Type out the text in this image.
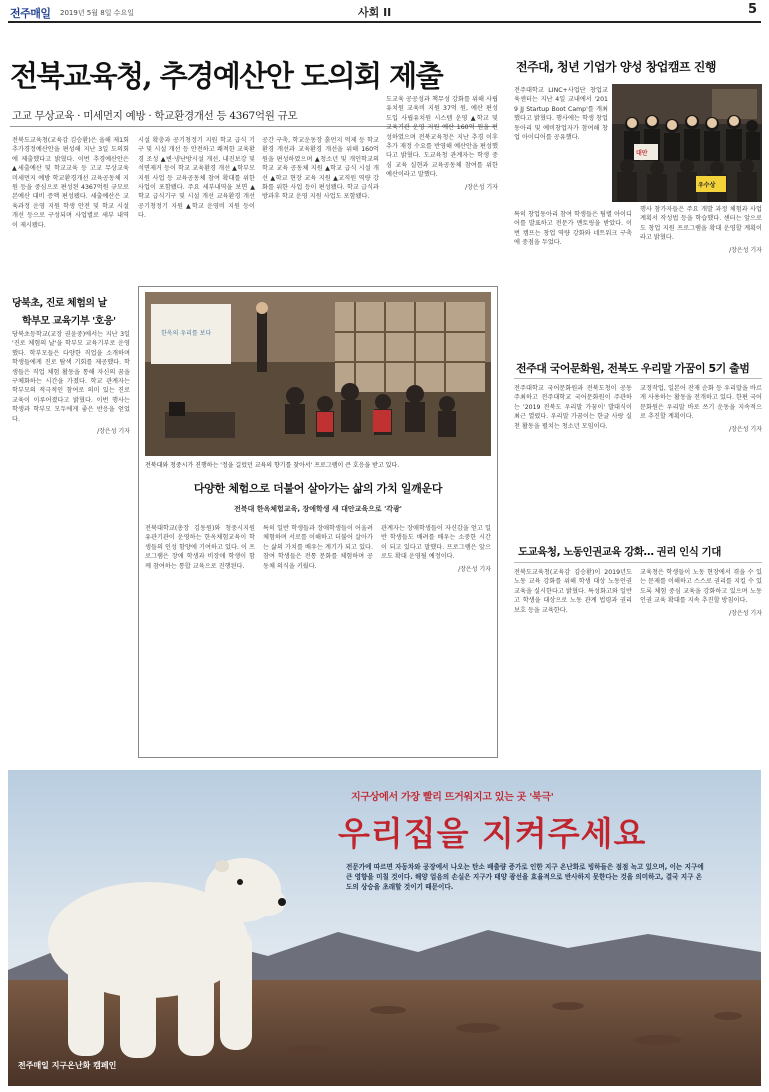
전주매일 2019년 5월 8일 수요일	사회 II	5
전북교육청, 추경예산안 도의회 제출
고교 무상교육 · 미세먼지 예방 · 학교환경개선 등 4367억원 규모
전북도교육청(교육감 김승환)은 올해 제1회 추가경정예산안을 편성해 지난 3일 도의회에 제출했다고 밝혔다. 이번 추경예산안은 ▲세출예산 및 학교교육 등 고교 무상교육 미세먼지 예방 학교환경개선 교육공동체 지원 등을 중심으로 편성된 4367억원 규모로 본예산 대비 증액 편성됐다. 세출예산은 교육과정 운영 지원 학생 안전 및 학교 시설 개선 등으로 구성되며 사업별로 세부 내역이 제시됐다.
시설 확충과 공기청정기 지원 학교 급식 기구 및 시설 개선 등 안전하고 쾌적한 교육환경 조성 ▲변·냉난방시설 개선, 내진보강 및 석면제거 등이 학교 교육환경 개선 ▲학부모 지원 사업 등 교육공동체 참여 확대를 위한 사업이 포함됐다. 주요 세부내역을 보면 ▲학교 급식기구 및 시설 개선 교육환경 개선 공기청정기 지원 ▲학교 운영비 지원 등이다.
공간 구축, 학교운동장 흙먼지 억제 등 학교 환경 개선과 교육환경 개선을 위해 160억 원을 편성하였으며 ▲청소년 및 개인학교의 학교 교육 공동체 지원 ▲학교 급식 시설 개선 ▲학교 현장 교육 지원 ▲교직원 역량 강화를 위한 사업 등이 편성됐다. 학교 급식과 방과후 학교 운영 지원 사업도 포함됐다.
도교육 공공성과 책무성 강화를 위해 사립유치원 교육비 지원 37억 원, 예산 편성 도입 사립유치원 시스템 운영 ▲학교 및 교육기관 운영 지원 예산 160억 원을 편성하였으며 전북교육청은 지난 추경 이후 추가 재정 수요를 반영해 예산안을 편성했다고 밝혔다. 도교육청 관계자는 학생 중심 교육 실현과 교육공동체 참여를 위한 예산이라고 말했다.
/장은성 기자
전주대, 청년 기업가 양성 창업캠프 진행
전주대학교 LINC+사업단 창업교육센터는 지난 4일 교내에서 '2019 JJ Startup Boot Camp'를 개최했다고 밝혔다. 행사에는 학생 창업동아리 및 예비창업자가 참여해 창업 아이디어를 공유했다.
대안
우수상
특히 창업동아리 참여 학생들은 팀별 아이디어를 발표하고 전문가 멘토링을 받았다. 이번 캠프는 창업 역량 강화와 네트워크 구축에 중점을 두었다.
행사 참가자들은 주요 개발 과정 체험과 사업 계획서 작성법 등을 학습했다. 센터는 앞으로도 창업 지원 프로그램을 확대 운영할 계획이라고 밝혔다.
/장은성 기자
전주대 국어문화원, 전북도 우리말 가꿈이 5기 출범
전주대학교 국어문화원과 전북도청이 공동 주최하고 전주대학교 국어문화원이 주관하는 '2019 전북도 우리말 가꿈이' 발대식이 최근 열렸다. 우리말 가꿈이는 한글 사랑 실천 활동을 펼치는 청소년 모임이다.
교정작업, 일본어 잔재 순화 등 우리말을 바르게 사용하는 활동을 전개하고 있다. 한편 국어문화원은 우리말 바로 쓰기 운동을 지속적으로 추진할 계획이다.
/장은성 기자
도교육청, 노동인권교육 강화… 권리 인식 기대
전북도교육청(교육감 김승환)이 2019년도 노동 교육 강화를 위해 학생 대상 노동인권교육을 실시한다고 밝혔다. 특성화고와 일반고 학생을 대상으로 노동 관계 법령과 권리 보호 등을 교육한다.
교육청은 학생들이 노동 현장에서 겪을 수 있는 문제를 이해하고 스스로 권리를 지킬 수 있도록 체험 중심 교육을 강화하고 있으며 노동인권 교육 확대를 지속 추진할 방침이다.
/장은성 기자
당북초, 진로 체험의 날
학부모 교육기부 '호응'
당북초등학교(교장 권윤중)에서는 지난 3일 '진로 체험의 날'을 학부모 교육기부로 운영했다. 학부모들은 다양한 직업을 소개하며 학생들에게 진로 탐색 기회를 제공했다. 학생들은 직업 체험 활동을 통해 자신의 꿈을 구체화하는 시간을 가졌다. 학교 관계자는 학부모의 적극적인 참여로 의미 있는 진로 교육이 이루어졌다고 밝혔다. 이번 행사는 학생과 학부모 모두에게 좋은 반응을 얻었다.
/장은성 기자
한옥의 우리를 보다
전북대와 청중시가 진행하는 '정을 길렀던 교육의 향기를 찾아서' 프로그램이 큰 호응을 받고 있다.
다양한 체험으로 더불어 살아가는 삶의 가치 일깨운다
전북대 한옥체험교육, 장애학생 새 대안교육으로 '각광'
전북대학교(총장 김동원)와 청중시지원 유관기관이 운영하는 한옥체험교육이 학생들의 인성 함양에 기여하고 있다. 이 프로그램은 장애 학생과 비장애 학생이 함께 참여하는 통합 교육으로 진행된다.
특히 일반 학생들과 장애학생들이 어울려 체험하며 서로를 이해하고 더불어 살아가는 삶의 가치를 배우는 계기가 되고 있다. 참여 학생들은 전통 문화를 체험하며 공동체 의식을 키웠다.
관계자는 장애학생들이 자신감을 얻고 일반 학생들도 배려를 배우는 소중한 시간이 되고 있다고 말했다. 프로그램은 앞으로도 확대 운영될 예정이다.
/장은성 기자
지구상에서 가장 빨리 뜨거워지고 있는 곳 '북극'
우리집을 지켜주세요
전문가에 따르면 자동차와 공장에서 나오는 탄소 배출량 증가로 인한 지구 온난화로 빙하들은 점점 녹고 있으며, 이는 지구에 큰 영향을 미칠 것이다. 해양 얼음의 손실은 지구가 태양 광선을 효율적으로 반사하지 못한다는 것을 의미하고, 결국 지구 온도의 상승을 초래할 것이기 때문이다.
전주매일 지구온난화 캠페인
